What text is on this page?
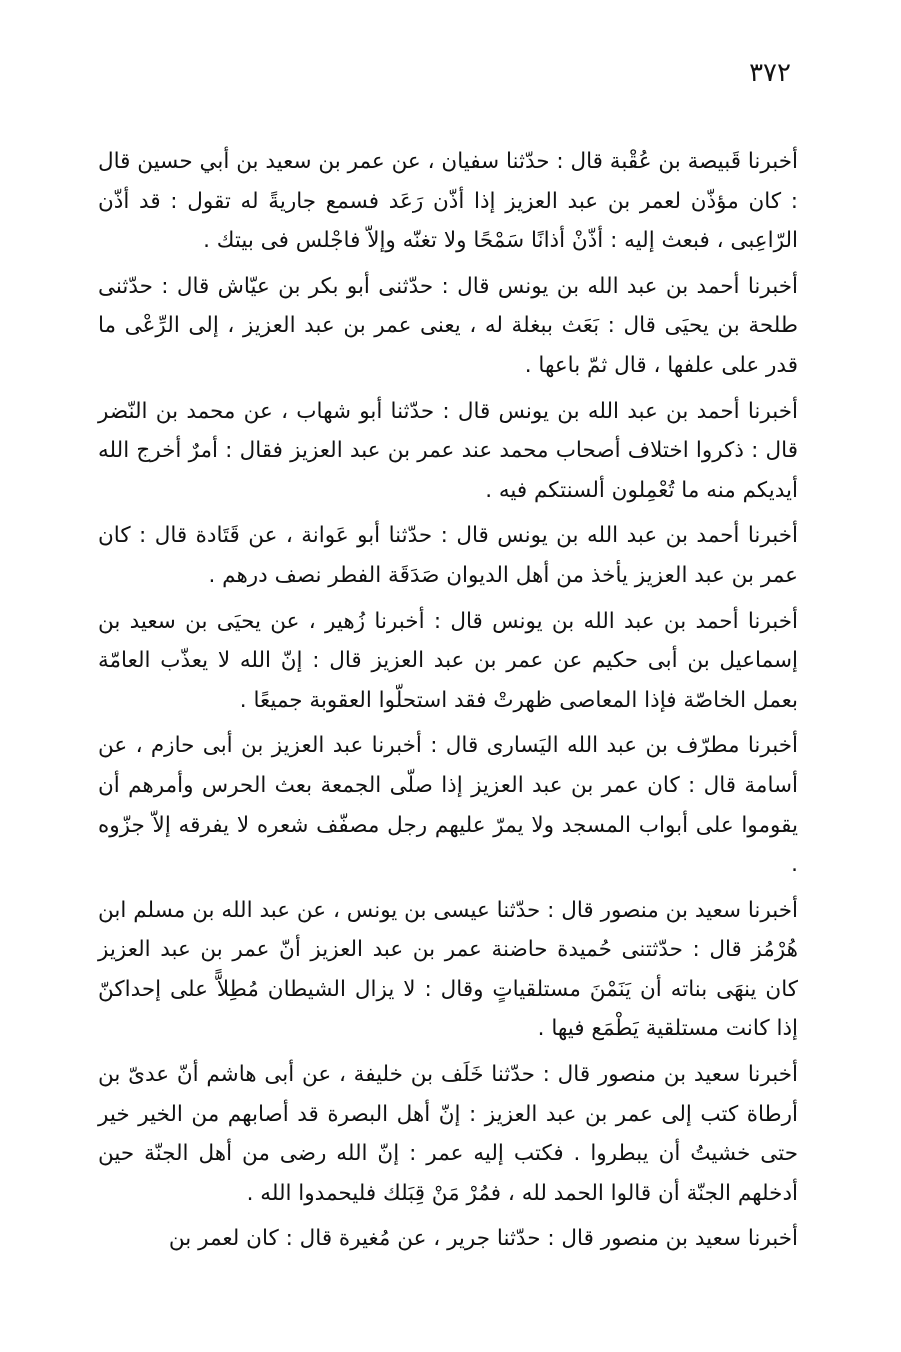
٣٧٢

أخبرنا قَبيصة بن عُقْبة قال : حدّثنا سفيان ، عن عمر بن سعيد بن أبي حسين قال : كان مؤذّن لعمر بن عبد العزيز إذا أذّن رَعَد فسمع جاريةً له تقول : قد أذّن الرّاعِبى ، فبعث إليه : أذّنْ أذانًا سَمْحًا ولا تغنّه وإلاّ فاجْلس فى بيتك .

أخبرنا أحمد بن عبد الله بن يونس قال : حدّثنى أبو بكر بن عيّاش قال : حدّثنى طلحة بن يحيَى قال : بَعَث ببغلة له ، يعنى عمر بن عبد العزيز ، إلى الرِّعْى ما قدر على علفها ، قال ثمّ باعها .

أخبرنا أحمد بن عبد الله بن يونس قال : حدّثنا أبو شهاب ، عن محمد بن النّضر قال : ذكروا اختلاف أصحاب محمد عند عمر بن عبد العزيز فقال : أمرٌ أخرج الله أيديكم منه ما تُعْمِلون ألسنتكم فيه .

أخبرنا أحمد بن عبد الله بن يونس قال : حدّثنا أبو عَوانة ، عن قَتَادة قال : كان عمر بن عبد العزيز يأخذ من أهل الديوان صَدَقَة الفطر نصف درهم .

أخبرنا أحمد بن عبد الله بن يونس قال : أخبرنا زُهير ، عن يحيَى بن سعيد بن إسماعيل بن أبى حكيم عن عمر بن عبد العزيز قال : إنّ الله لا يعذّب العامّة بعمل الخاصّة فإذا المعاصى ظهرتْ فقد استحلّوا العقوبة جميعًا .

أخبرنا مطرّف بن عبد الله اليَسارى قال : أخبرنا عبد العزيز بن أبى حازم ، عن أسامة قال : كان عمر بن عبد العزيز إذا صلّى الجمعة بعث الحرس وأمرهم أن يقوموا على أبواب المسجد ولا يمرّ عليهم رجل مصفّف شعره لا يفرقه إلاّ جزّوه .

أخبرنا سعيد بن منصور قال : حدّثنا عيسى بن يونس ، عن عبد الله بن مسلم ابن هُرْمُز قال : حدّثتنى حُميدة حاضنة عمر بن عبد العزيز أنّ عمر بن عبد العزيز كان ينهَى بناته أن يَنَمْنَ مستلقياتٍ وقال : لا يزال الشيطان مُطِلاًّ على إحداكنّ إذا كانت مستلقية يَطْمَع فيها .

أخبرنا سعيد بن منصور قال : حدّثنا خَلَف بن خليفة ، عن أبى هاشم أنّ عدىّ بن أرطاة كتب إلى عمر بن عبد العزيز : إنّ أهل البصرة قد أصابهم من الخير خير حتى خشيتُ أن يبطروا . فكتب إليه عمر : إنّ الله رضى من أهل الجنّة حين أدخلهم الجنّة أن قالوا الحمد لله ، فمُرْ مَنْ قِبَلك فليحمدوا الله .

أخبرنا سعيد بن منصور قال : حدّثنا جرير ، عن مُغيرة قال : كان لعمر بن
